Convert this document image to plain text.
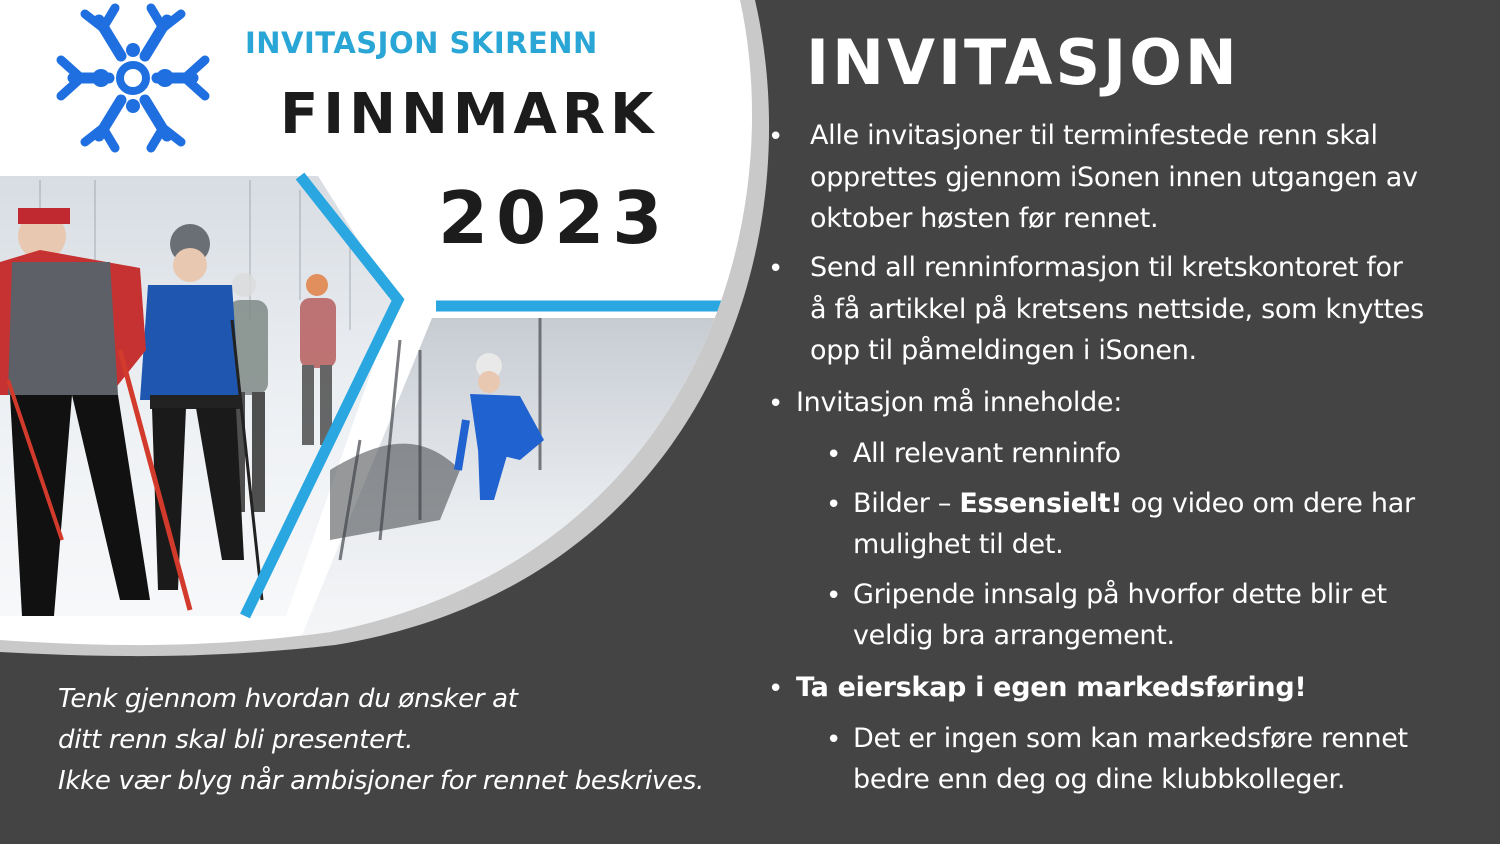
INVITASJON SKIRENN
FINNMARK
2023
INVITASJON
• Alle invitasjoner til terminfestede renn skal
opprettes gjennom iSonen innen utgangen av
oktober høsten før rennet.
• Send all renninformasjon til kretskontoret for
å få artikkel på kretsens nettside, som knyttes
opp til påmeldingen i iSonen.
• Invitasjon må inneholde:
• All relevant renninfo
• Bilder – Essensielt! og video om dere har
mulighet til det.
• Gripende innsalg på hvorfor dette blir et
veldig bra arrangement.
• Ta eierskap i egen markedsføring!
• Det er ingen som kan markedsføre rennet
bedre enn deg og dine klubbkolleger.
Tenk gjennom hvordan du ønsker at
ditt renn skal bli presentert.
Ikke vær blyg når ambisjoner for rennet beskrives.
